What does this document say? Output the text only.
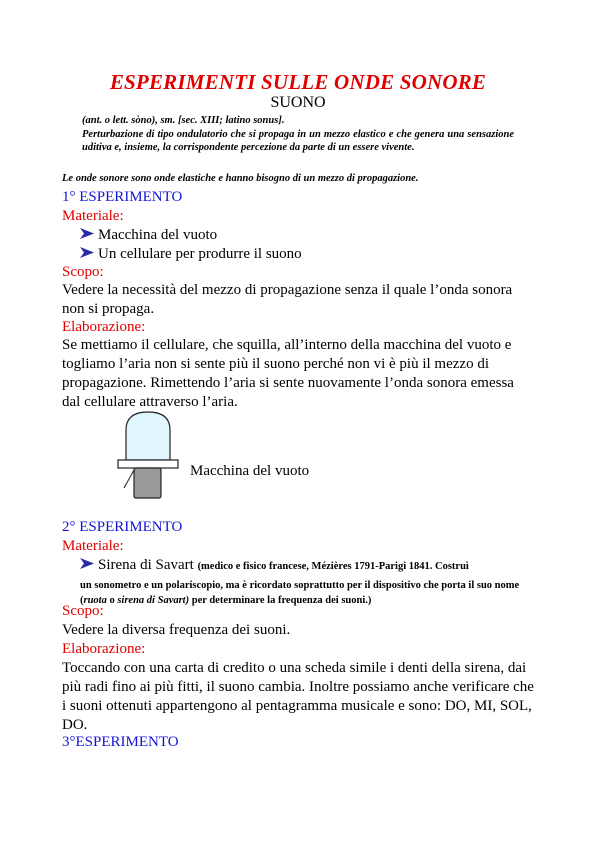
ESPERIMENTI SULLE ONDE SONORE
SUONO
(ant. o lett. sòno), sm. [sec. XIII; latino sonus].
Perturbazione di tipo ondulatorio che si propaga in un mezzo elastico e che genera una sensazione uditiva e, insieme, la corrispondente percezione da parte di un essere vivente.
Le onde sonore sono onde elastiche e hanno bisogno di un mezzo di propagazione.
1° ESPERIMENTO
Materiale:
Macchina del vuoto
Un cellulare per produrre il suono
Scopo:
Vedere la necessità del mezzo di propagazione senza il quale l’onda sonora non si propaga.
Elaborazione:
Se mettiamo il cellulare, che squilla, all’interno della macchina del vuoto e togliamo l’aria non si sente più il suono perché non vi è più il mezzo di propagazione. Rimettendo l’aria si sente nuovamente l’onda sonora emessa dal cellulare attraverso l’aria.
Macchina del vuoto
2° ESPERIMENTO
Materiale:
Sirena di Savart (medico e fisico francese, Mézières 1791-Parigi 1841. Costruì
un sonometro e un polariscopio, ma è ricordato soprattutto per il dispositivo che porta il suo nome (ruota o sirena di Savart) per determinare la frequenza dei suoni.)
Scopo:
Vedere la diversa frequenza dei suoni.
Elaborazione:
Toccando con una carta di credito o una scheda simile i denti della sirena, dai più radi fino ai più fitti, il suono cambia. Inoltre possiamo anche verificare che i suoni ottenuti appartengono al pentagramma musicale e sono: DO, MI, SOL, DO.
3°ESPERIMENTO
